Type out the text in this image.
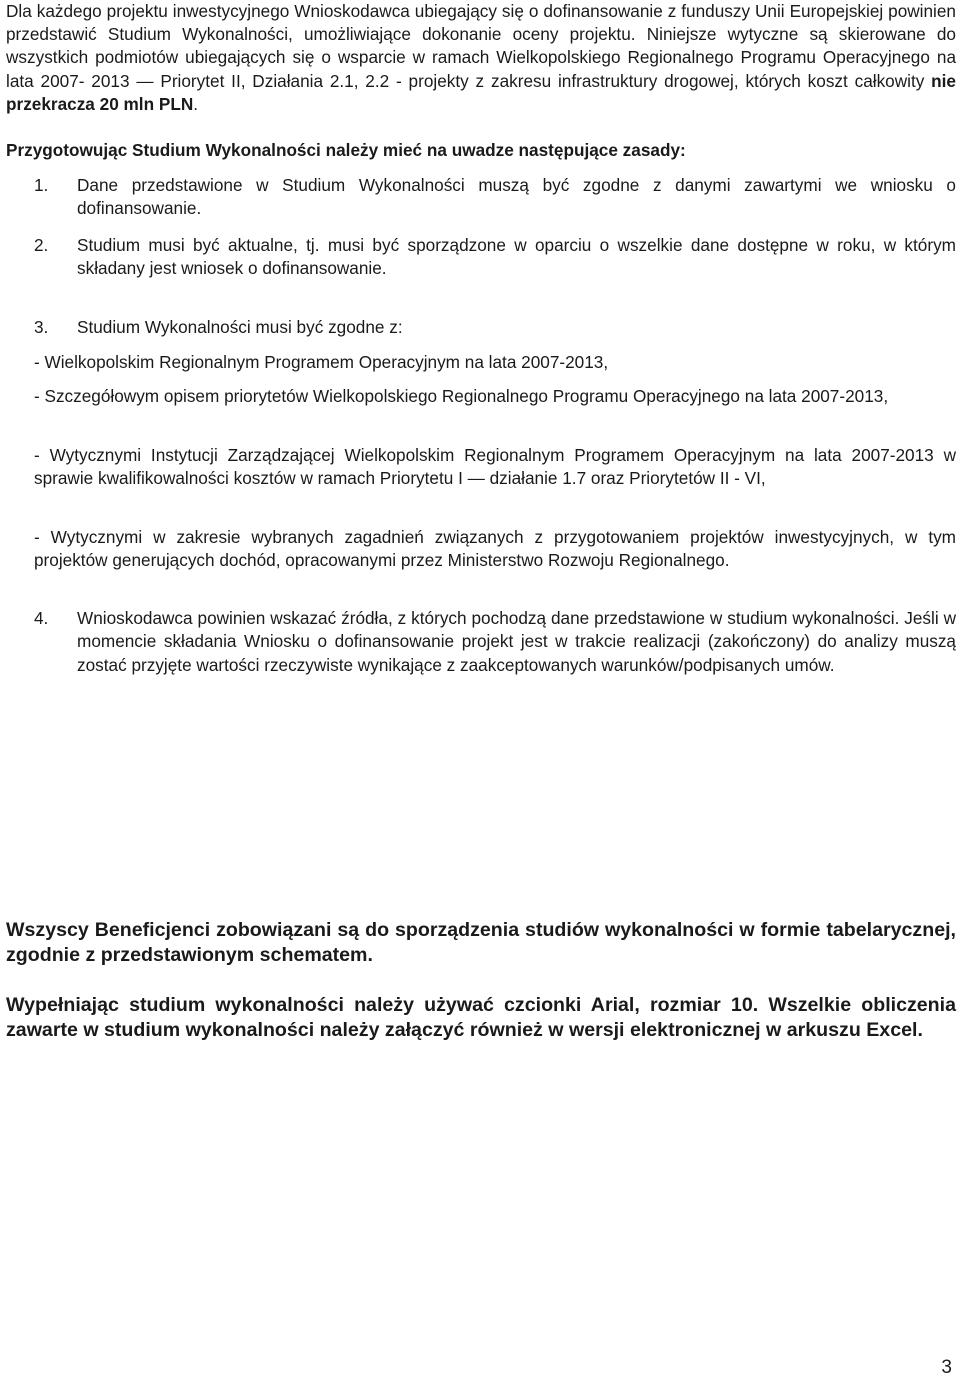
Dla każdego projektu inwestycyjnego Wnioskodawca ubiegający się o dofinansowanie z funduszy Unii Europejskiej powinien przedstawić Studium Wykonalności, umożliwiające dokonanie oceny projektu. Niniejsze wytyczne są skierowane do wszystkich podmiotów ubiegających się o wsparcie w ramach Wielkopolskiego Regionalnego Programu Operacyjnego na lata 2007- 2013 — Priorytet II, Działania 2.1, 2.2 - projekty z zakresu infrastruktury drogowej, których koszt całkowity nie przekracza 20 mln PLN.
Przygotowując Studium Wykonalności należy mieć na uwadze następujące zasady:
1. Dane przedstawione w Studium Wykonalności muszą być zgodne z danymi zawartymi we wniosku o dofinansowanie.
2. Studium musi być aktualne, tj. musi być sporządzone w oparciu o wszelkie dane dostępne w roku, w którym składany jest wniosek o dofinansowanie.
3. Studium Wykonalności musi być zgodne z:
- Wielkopolskim Regionalnym Programem Operacyjnym na lata 2007-2013,
- Szczegółowym opisem priorytetów Wielkopolskiego Regionalnego Programu Operacyjnego na lata 2007-2013,
- Wytycznymi Instytucji Zarządzającej Wielkopolskim Regionalnym Programem Operacyjnym na lata 2007-2013 w sprawie kwalifikowalności kosztów w ramach Priorytetu I — działanie 1.7 oraz Priorytetów II - VI,
- Wytycznymi w zakresie wybranych zagadnień związanych z przygotowaniem projektów inwestycyjnych, w tym projektów generujących dochód, opracowanymi przez Ministerstwo Rozwoju Regionalnego.
4. Wnioskodawca powinien wskazać źródła, z których pochodzą dane przedstawione w studium wykonalności. Jeśli w momencie składania Wniosku o dofinansowanie projekt jest w trakcie realizacji (zakończony) do analizy muszą zostać przyjęte wartości rzeczywiste wynikające z zaakceptowanych warunków/podpisanych umów.
Wszyscy Beneficjenci zobowiązani są do sporządzenia studiów wykonalności w formie tabelarycznej, zgodnie z przedstawionym schematem.
Wypełniając studium wykonalności należy używać czcionki Arial, rozmiar 10. Wszelkie obliczenia zawarte w studium wykonalności należy załączyć również w wersji elektronicznej w arkuszu Excel.
3
